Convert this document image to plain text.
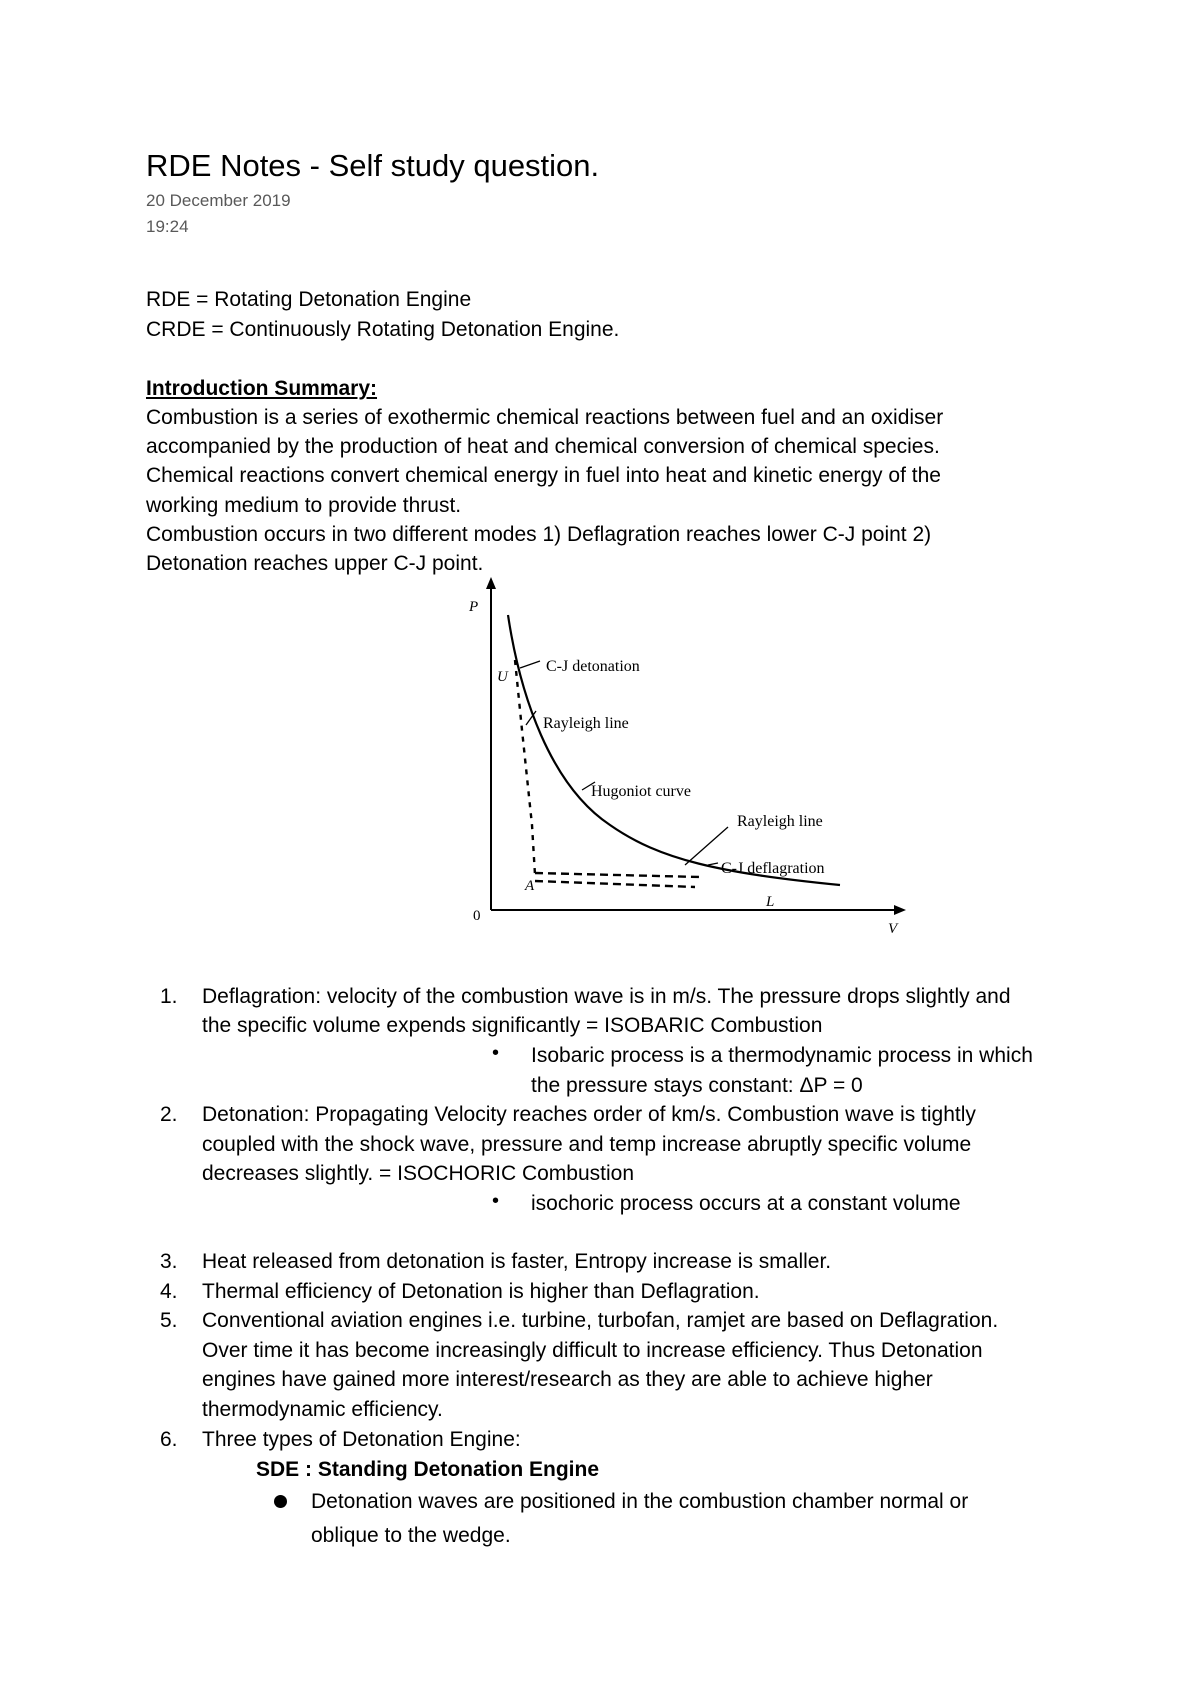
RDE Notes - Self study question.
20 December 2019
19:24
RDE = Rotating Detonation Engine
CRDE = Continuously Rotating Detonation Engine.
Introduction Summary:
Combustion is a series of exothermic chemical reactions between fuel and an oxidiser
accompanied by the production of heat and chemical conversion of chemical species.
Chemical reactions convert chemical energy in fuel into heat and kinetic energy of the
working medium to provide thrust.
Combustion occurs in two different modes 1) Deflagration reaches lower C-J point 2)
Detonation reaches upper C-J point.
P
V
0
U
A
L
C-J detonation
Rayleigh line
Hugoniot curve
Rayleigh line
C-J deflagration
1. Deflagration: velocity of the combustion wave is in m/s. The pressure drops slightly and
the specific volume expends significantly = ISOBARIC Combustion
• Isobaric process is a thermodynamic process in which
the pressure stays constant: ΔP = 0
2. Detonation: Propagating Velocity reaches order of km/s. Combustion wave is tightly
coupled with the shock wave, pressure and temp increase abruptly specific volume
decreases slightly. = ISOCHORIC Combustion
• isochoric process occurs at a constant volume
3. Heat released from detonation is faster, Entropy increase is smaller.
4. Thermal efficiency of Detonation is higher than Deflagration.
5. Conventional aviation engines i.e. turbine, turbofan, ramjet are based on Deflagration.
Over time it has become increasingly difficult to increase efficiency. Thus Detonation
engines have gained more interest/research as they are able to achieve higher
thermodynamic efficiency.
6. Three types of Detonation Engine:
SDE : Standing Detonation Engine
Detonation waves are positioned in the combustion chamber normal or
oblique to the wedge.
